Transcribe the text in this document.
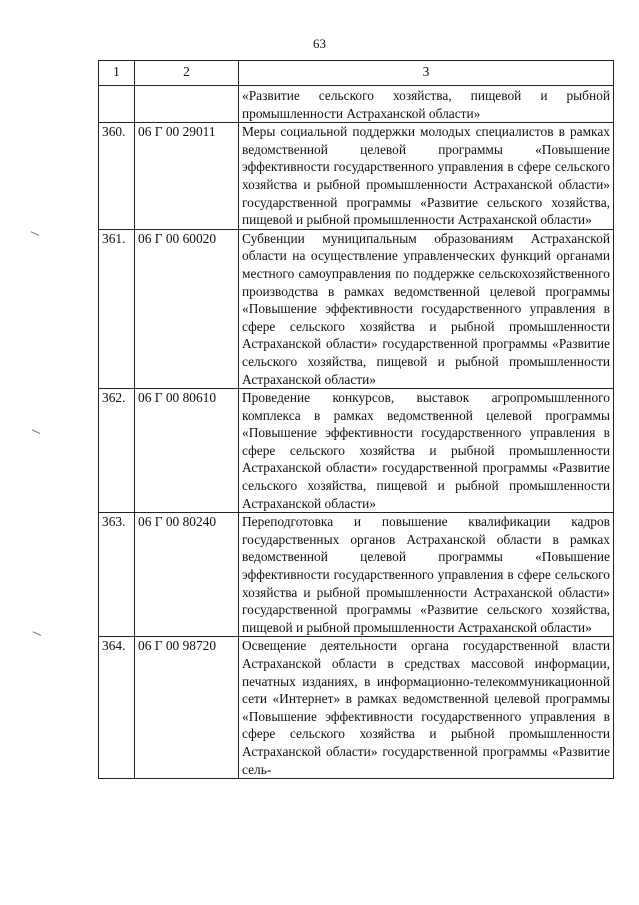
63
1	2	3
		«Развитие сельского хозяйства, пищевой и рыбной промышленности Астраханской области»
360.	06 Г 00 29011	Меры социальной поддержки молодых специалистов в рамках ведомственной целевой программы «Повышение эффективности государственного управления в сфере сельского хозяйства и рыбной промышленности Астраханской области» государственной программы «Развитие сельского хозяйства, пищевой и рыбной промышленности Астраханской области»
361.	06 Г 00 60020	Субвенции муниципальным образованиям Астраханской области на осуществление управленческих функций органами местного самоуправления по поддержке сельскохозяйственного производства в рамках ведомственной целевой программы «Повышение эффективности государственного управления в сфере сельского хозяйства и рыбной промышленности Астраханской области» государственной программы «Развитие сельского хозяйства, пищевой и рыбной промышленности Астраханской области»
362.	06 Г 00 80610	Проведение конкурсов, выставок агропромышленного комплекса в рамках ведомственной целевой программы «Повышение эффективности государственного управления в сфере сельского хозяйства и рыбной промышленности Астраханской области» государственной программы «Развитие сельского хозяйства, пищевой и рыбной промышленности Астраханской области»
363.	06 Г 00 80240	Переподготовка и повышение квалификации кадров государственных органов Астраханской области в рамках ведомственной целевой программы «Повышение эффективности государственного управления в сфере сельского хозяйства и рыбной промышленности Астраханской области» государственной программы «Развитие сельского хозяйства, пищевой и рыбной промышленности Астраханской области»
364.	06 Г 00 98720	Освещение деятельности органа государственной власти Астраханской области в средствах массовой информации, печатных изданиях, в информационно-телекоммуникационной сети «Интернет» в рамках ведомственной целевой программы «Повышение эффективности государственного управления в сфере сельского хозяйства и рыбной промышленности Астраханской области» государственной программы «Развитие сель-
